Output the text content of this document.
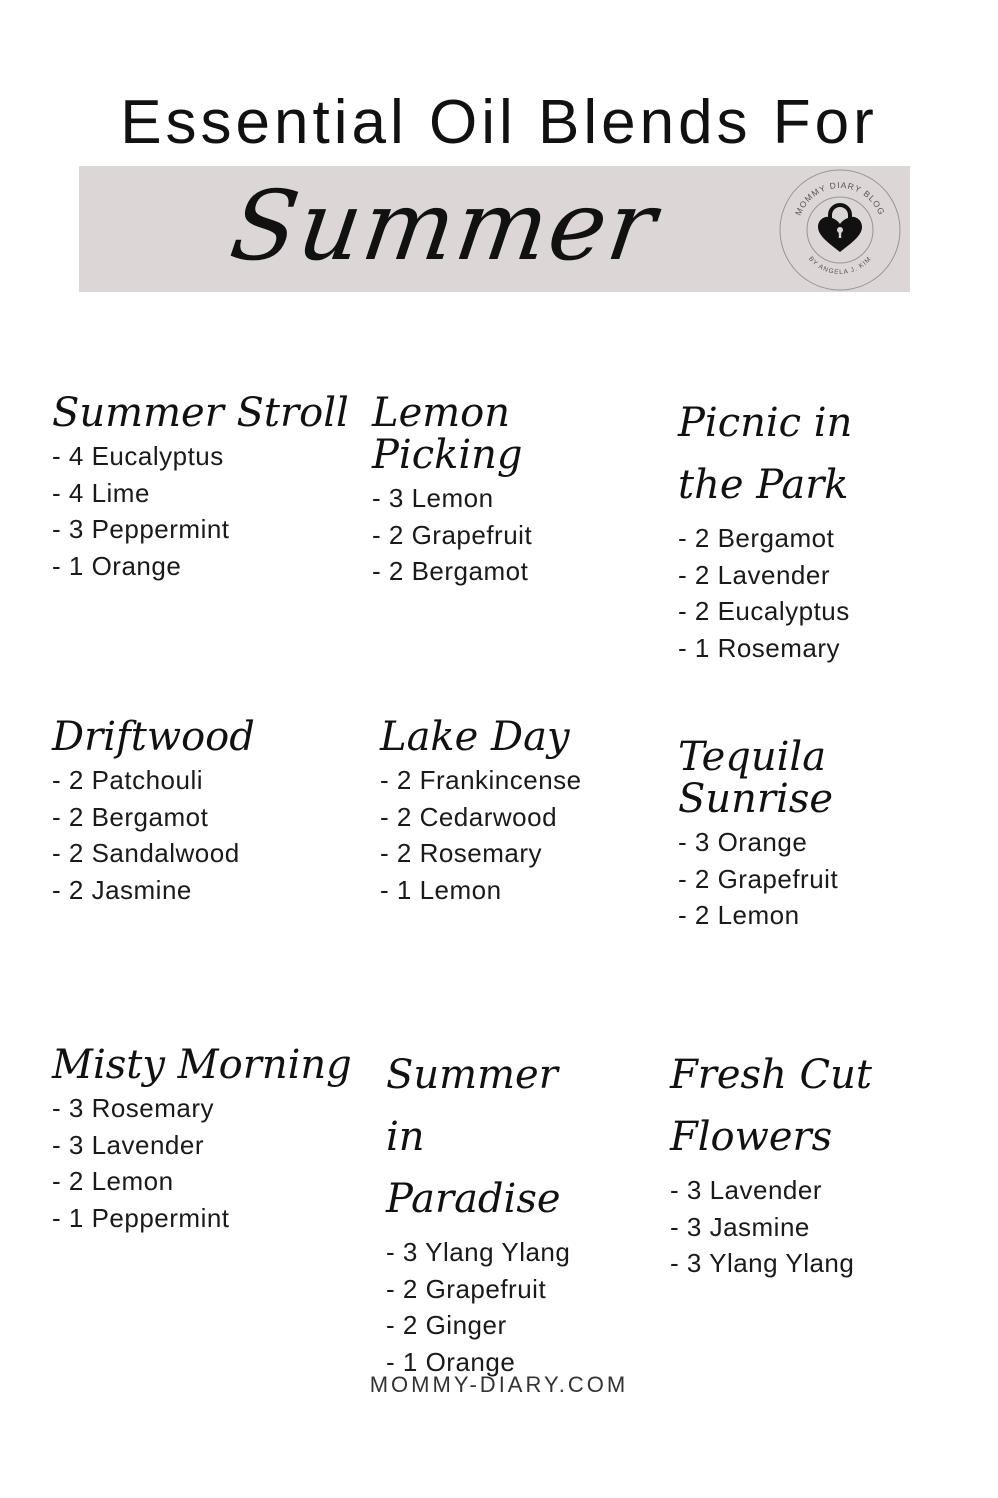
Essential Oil Blends For
Summer	MOMMY DIARY BLOG
BY ANGELA J. KIM
Summer Stroll
- 4 Eucalyptus
- 4 Lime
- 3 Peppermint
- 1 Orange
Lemon Picking
- 3 Lemon
- 2 Grapefruit
- 2 Bergamot
Picnic in the Park
- 2 Bergamot
- 2 Lavender
- 2 Eucalyptus
- 1 Rosemary
Driftwood
- 2 Patchouli
- 2 Bergamot
- 2 Sandalwood
- 2 Jasmine
Lake Day
- 2 Frankincense
- 2 Cedarwood
- 2 Rosemary
- 1 Lemon
Tequila Sunrise
- 3 Orange
- 2 Grapefruit
- 2 Lemon
Misty Morning
- 3 Rosemary
- 3 Lavender
- 2 Lemon
- 1 Peppermint
Summer in Paradise
- 3 Ylang Ylang
- 2 Grapefruit
- 2 Ginger
- 1 Orange
Fresh Cut Flowers
- 3 Lavender
- 3 Jasmine
- 3 Ylang Ylang
MOMMY-DIARY.COM
